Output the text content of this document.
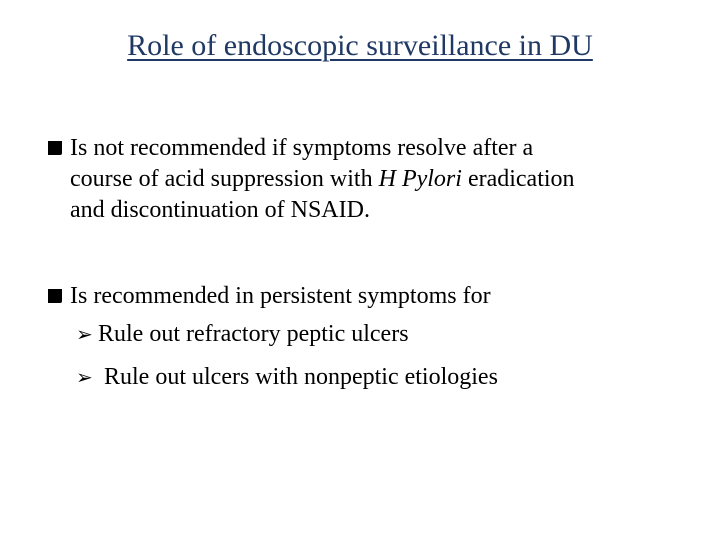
Role of endoscopic surveillance in DU
Is not recommended if symptoms resolve after a
course of acid suppression with H Pylori eradication
and discontinuation of NSAID.
Is recommended in persistent symptoms for
➢ Rule out refractory peptic ulcers
➢ Rule out ulcers with nonpeptic etiologies
